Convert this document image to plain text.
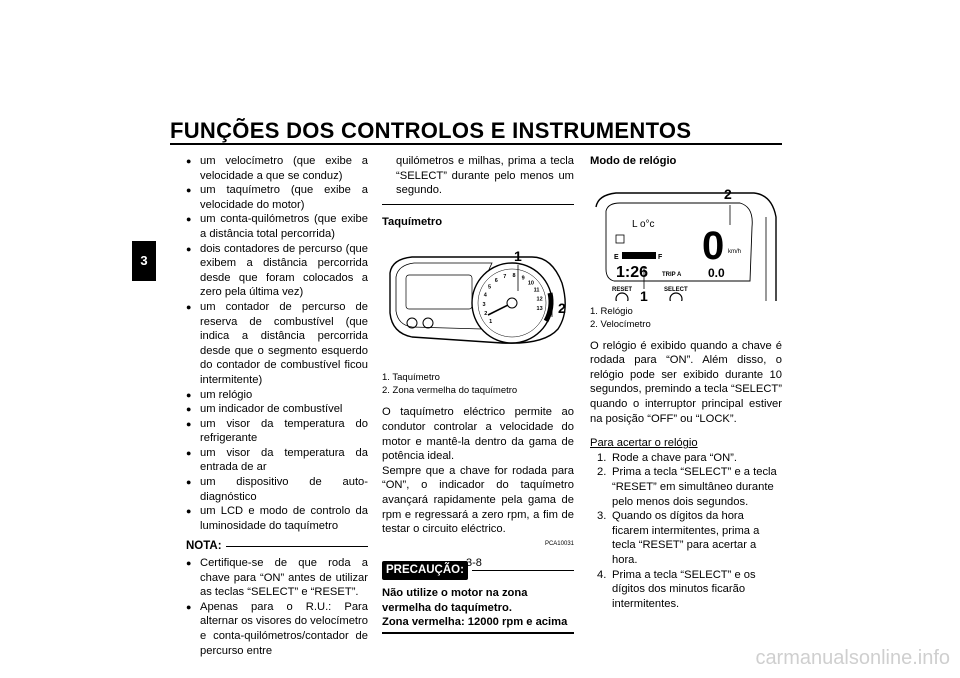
FUNÇÕES DOS CONTROLOS E INSTRUMENTOS
3
● um velocímetro (que exibe a velocidade a que se conduz)
● um taquímetro (que exibe a velocidade do motor)
● um conta-quilómetros (que exibe a distância total percorrida)
● dois contadores de percurso (que exibem a distância percorrida desde que foram colocados a zero pela última vez)
● um contador de percurso de reserva de combustível (que indica a distância percorrida desde que o segmento esquerdo do contador de combustível ficou intermitente)
● um relógio
● um indicador de combustível
● um visor da temperatura do refrigerante
● um visor da temperatura da entrada de ar
● um dispositivo de auto-diagnóstico
● um LCD e modo de controlo da luminosidade do taquímetro
NOTA:
● Certifique-se de que roda a chave para “ON” antes de utilizar as teclas “SELECT” e “RESET”.
● Apenas para o R.U.: Para alternar os visores do velocímetro e conta-quilómetros/contador de percurso entre

quilómetros e milhas, prima a tecla “SELECT” durante pelo menos um segundo.

Taquímetro

1
2
3
4
5
6
7 8 9
10
11
12
13
1
2
1. Taquímetro
2. Zona vermelha do taquímetro

O taquímetro eléctrico permite ao condutor controlar a velocidade do motor e mantê-la dentro da gama de potência ideal.

Sempre que a chave for rodada para “ON”, o indicador do taquímetro avançará rapidamente pela gama de rpm e regressará a zero rpm, a fim de testar o circuito eléctrico.

PCA10031
PRECAUÇÃO:

Não utilize o motor na zona vermelha do taquímetro.

Zona vermelha: 12000 rpm e acima

Modo de relógio

L o°c
E	F
1:26 TRIP A
0 km/h
0.0
2
RESET	SELECT
1
1. Relógio
2. Velocímetro

O relógio é exibido quando a chave é rodada para “ON”. Além disso, o relógio pode ser exibido durante 10 segundos, premindo a tecla “SELECT” quando o interruptor principal estiver na posição “OFF” ou “LOCK”.

Para acertar o relógio

1. Rode a chave para “ON”.
2. Prima a tecla “SELECT” e a tecla “RESET” em simultâneo durante pelo menos dois segundos.
3. Quando os dígitos da hora ficarem intermitentes, prima a tecla “RESET” para acertar a hora.
4. Prima a tecla “SELECT” e os dígitos dos minutos ficarão intermitentes.
3-8
carmanualsonline.info
